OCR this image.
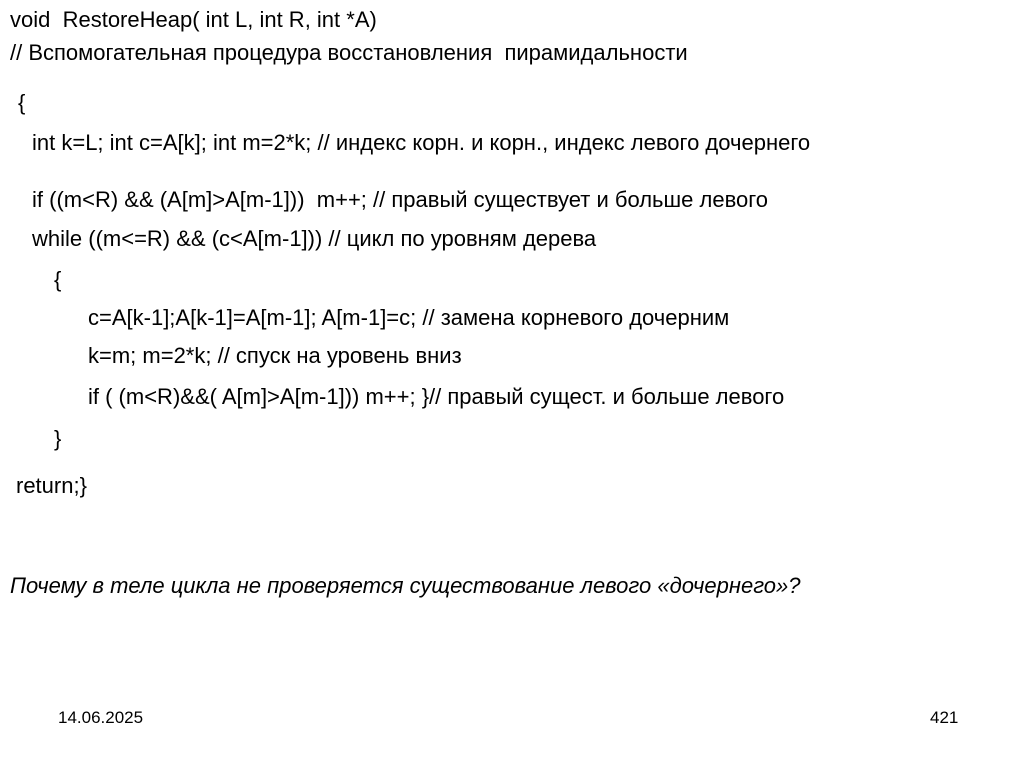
void  RestoreHeap( int L, int R, int *A)
// Вспомогательная процедура восстановления  пирамидальности
{
int k=L; int c=A[k]; int m=2*k; // индекс корн. и корн., индекс левого дочернего
if ((m<R) && (A[m]>A[m-1]))  m++; // правый существует и больше левого
while ((m<=R) && (c<A[m-1])) // цикл по уровням дерева
{
c=A[k-1];A[k-1]=A[m-1]; A[m-1]=c; // замена корневого дочерним
k=m; m=2*k; // спуск на уровень вниз
if ( (m<R)&&( A[m]>A[m-1])) m++; }// правый сущест. и больше левого
}
return;}
Почему в теле цикла не проверяется существование левого «дочернего»?
14.06.2025	421
